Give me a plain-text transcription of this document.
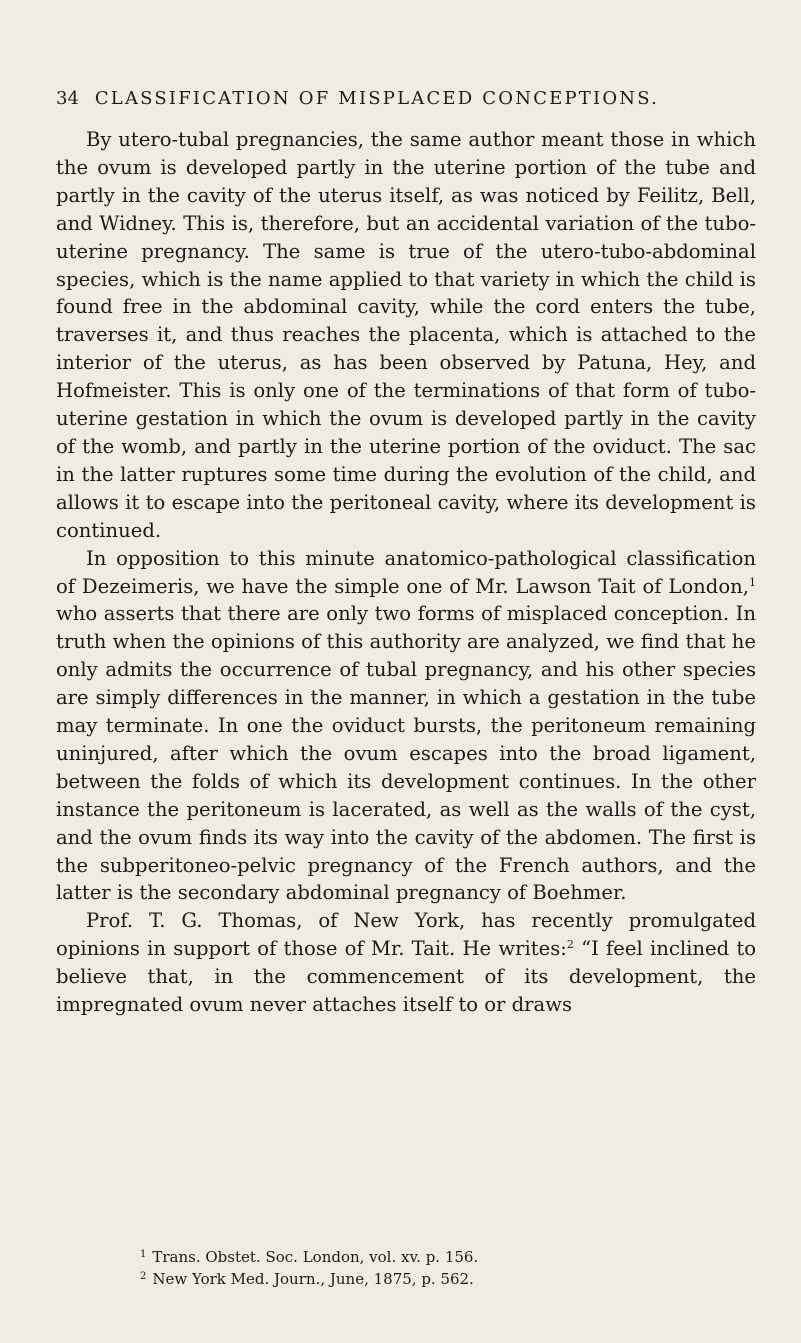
34 CLASSIFICATION OF MISPLACED CONCEPTIONS.

By utero-tubal pregnancies, the same author meant those in which the ovum is developed partly in the uterine portion of the tube and partly in the cavity of the uterus itself, as was noticed by Feilitz, Bell, and Widney. This is, therefore, but an accidental variation of the tubo-uterine pregnancy. The same is true of the utero-tubo-abdominal species, which is the name applied to that variety in which the child is found free in the abdominal cavity, while the cord enters the tube, traverses it, and thus reaches the placenta, which is attached to the interior of the uterus, as has been observed by Patuna, Hey, and Hofmeister. This is only one of the terminations of that form of tubo-uterine gestation in which the ovum is developed partly in the cavity of the womb, and partly in the uterine portion of the oviduct. The sac in the latter ruptures some time during the evolution of the child, and allows it to escape into the peritoneal cavity, where its development is continued.

In opposition to this minute anatomico-pathological classification of Dezeimeris, we have the simple one of Mr. Lawson Tait of London,$^1$ who asserts that there are only two forms of misplaced conception. In truth when the opinions of this authority are analyzed, we find that he only admits the occurrence of tubal pregnancy, and his other species are simply differences in the manner, in which a gestation in the tube may terminate. In one the oviduct bursts, the peritoneum remaining uninjured, after which the ovum escapes into the broad ligament, between the folds of which its development continues. In the other instance the peritoneum is lacerated, as well as the walls of the cyst, and the ovum finds its way into the cavity of the abdomen. The first is the subperitoneo-pelvic pregnancy of the French authors, and the latter is the secondary abdominal pregnancy of Boehmer.

Prof. T. G. Thomas, of New York, has recently promulgated opinions in support of those of Mr. Tait. He writes:$^2$ “I feel inclined to believe that, in the commencement of its development, the impregnated ovum never attaches itself to or draws

$^1$ Trans. Obstet. Soc. London, vol. xv. p. 156.
$^2$ New York Med. Journ., June, 1875, p. 562.
